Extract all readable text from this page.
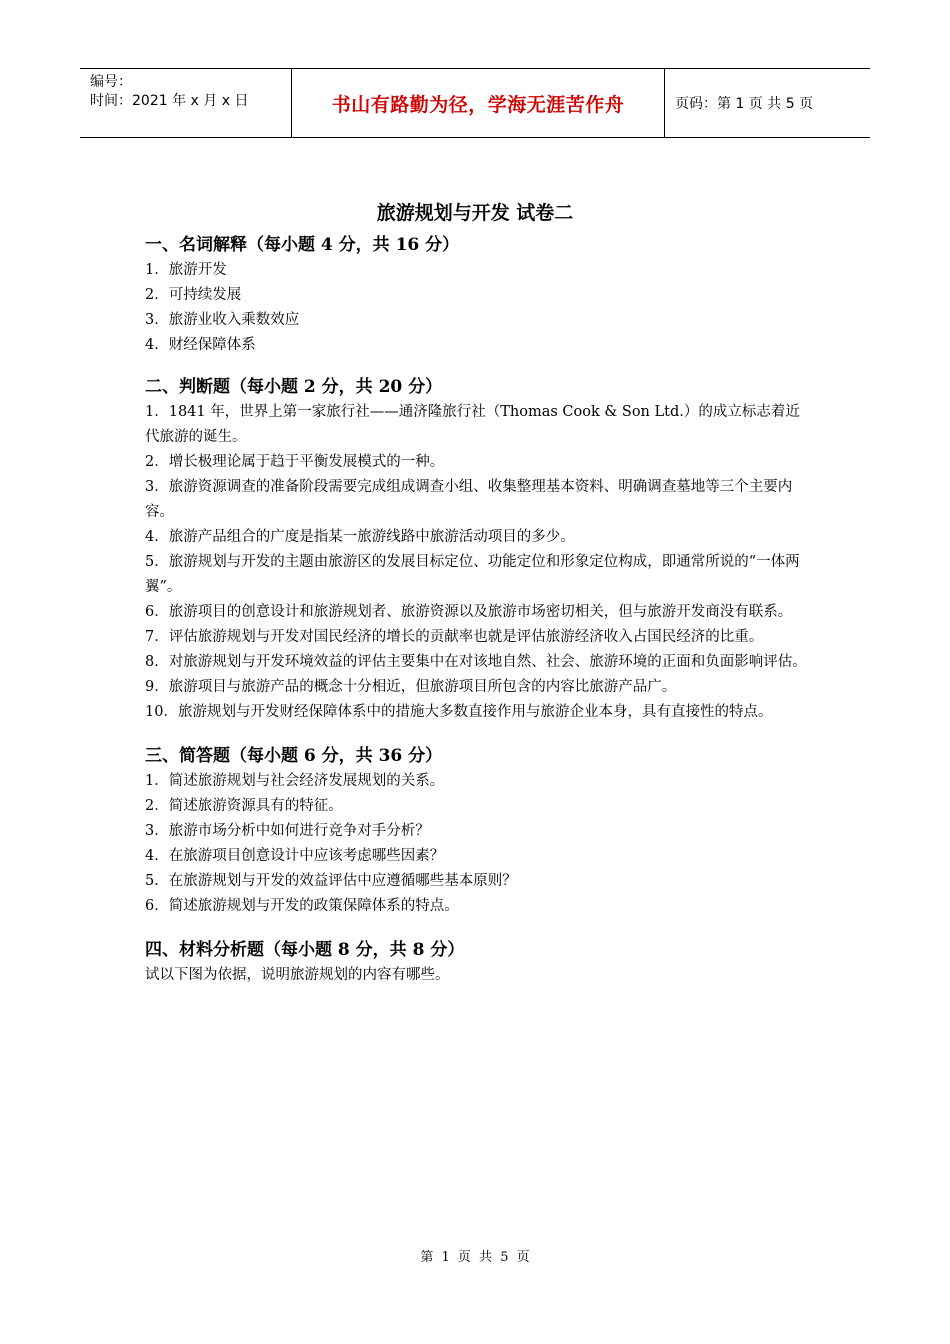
编号：
时间：2021 年 x 月 x 日	书山有路勤为径，学海无涯苦作舟	页码：第 1 页 共 5 页
旅游规划与开发 试卷二
一、名词解释（每小题 4 分，共 16 分）
1．旅游开发
2．可持续发展
3．旅游业收入乘数效应
4．财经保障体系
二、判断题（每小题 2 分，共 20 分）
1．1841 年，世界上第一家旅行社——通济隆旅行社（Thomas Cook & Son Ltd.）的成立标志着近代旅游的诞生。
2．增长极理论属于趋于平衡发展模式的一种。
3．旅游资源调查的准备阶段需要完成组成调查小组、收集整理基本资料、明确调查墓地等三个主要内容。
4．旅游产品组合的广度是指某一旅游线路中旅游活动项目的多少。
5．旅游规划与开发的主题由旅游区的发展目标定位、功能定位和形象定位构成，即通常所说的“一体两翼”。
6．旅游项目的创意设计和旅游规划者、旅游资源以及旅游市场密切相关，但与旅游开发商没有联系。
7．评估旅游规划与开发对国民经济的增长的贡献率也就是评估旅游经济收入占国民经济的比重。
8．对旅游规划与开发环境效益的评估主要集中在对该地自然、社会、旅游环境的正面和负面影响评估。
9．旅游项目与旅游产品的概念十分相近，但旅游项目所包含的内容比旅游产品广。
10．旅游规划与开发财经保障体系中的措施大多数直接作用与旅游企业本身，具有直接性的特点。
三、简答题（每小题 6 分，共 36 分）
1．简述旅游规划与社会经济发展规划的关系。
2．简述旅游资源具有的特征。
3．旅游市场分析中如何进行竞争对手分析？
4．在旅游项目创意设计中应该考虑哪些因素？
5．在旅游规划与开发的效益评估中应遵循哪些基本原则？
6．简述旅游规划与开发的政策保障体系的特点。
四、材料分析题（每小题 8 分，共 8 分）
试以下图为依据，说明旅游规划的内容有哪些。
第 1 页 共 5 页
